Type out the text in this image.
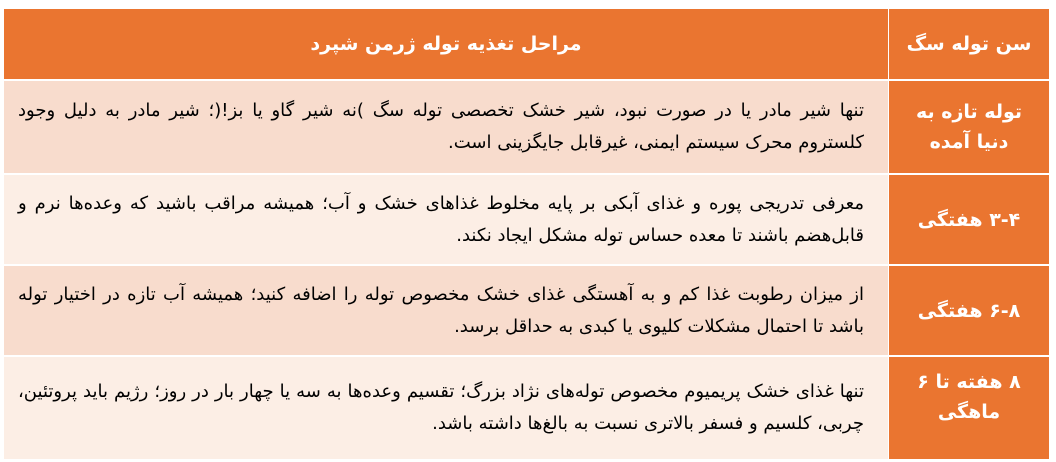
مراحل تغذیه توله ژرمن شپرد	سن توله سگ

تنها شیر مادر یا در صورت نبود، شیر خشک تخصصی توله سگ )نه شیر گاو یا بز!(؛ شیر مادر به دلیل وجود کلستروم محرک سیستم ایمنی، غیرقابل جایگزینی است.

توله تازه به دنیا آمده

معرفی تدریجی پوره و غذای آبکی بر پایه مخلوط غذاهای خشک و آب؛ همیشه مراقب باشید که وعده‌ها نرم و قابل‌هضم باشند تا معده حساس توله مشکل ایجاد نکند.

۳-۴ هفتگی

از میزان رطوبت غذا کم و به آهستگی غذای خشک مخصوص توله را اضافه کنید؛ همیشه آب تازه در اختیار توله باشد تا احتمال مشکلات کلیوی یا کبدی به حداقل برسد.

۶-۸ هفتگی

تنها غذای خشک پریمیوم مخصوص توله‌های نژاد بزرگ؛ تقسیم وعده‌ها به سه یا چهار بار در روز؛ رژیم باید پروتئین، چربی، کلسیم و فسفر بالاتری نسبت به بالغ‌ها داشته باشد.

۸ هفته تا ۶ ماهگی
